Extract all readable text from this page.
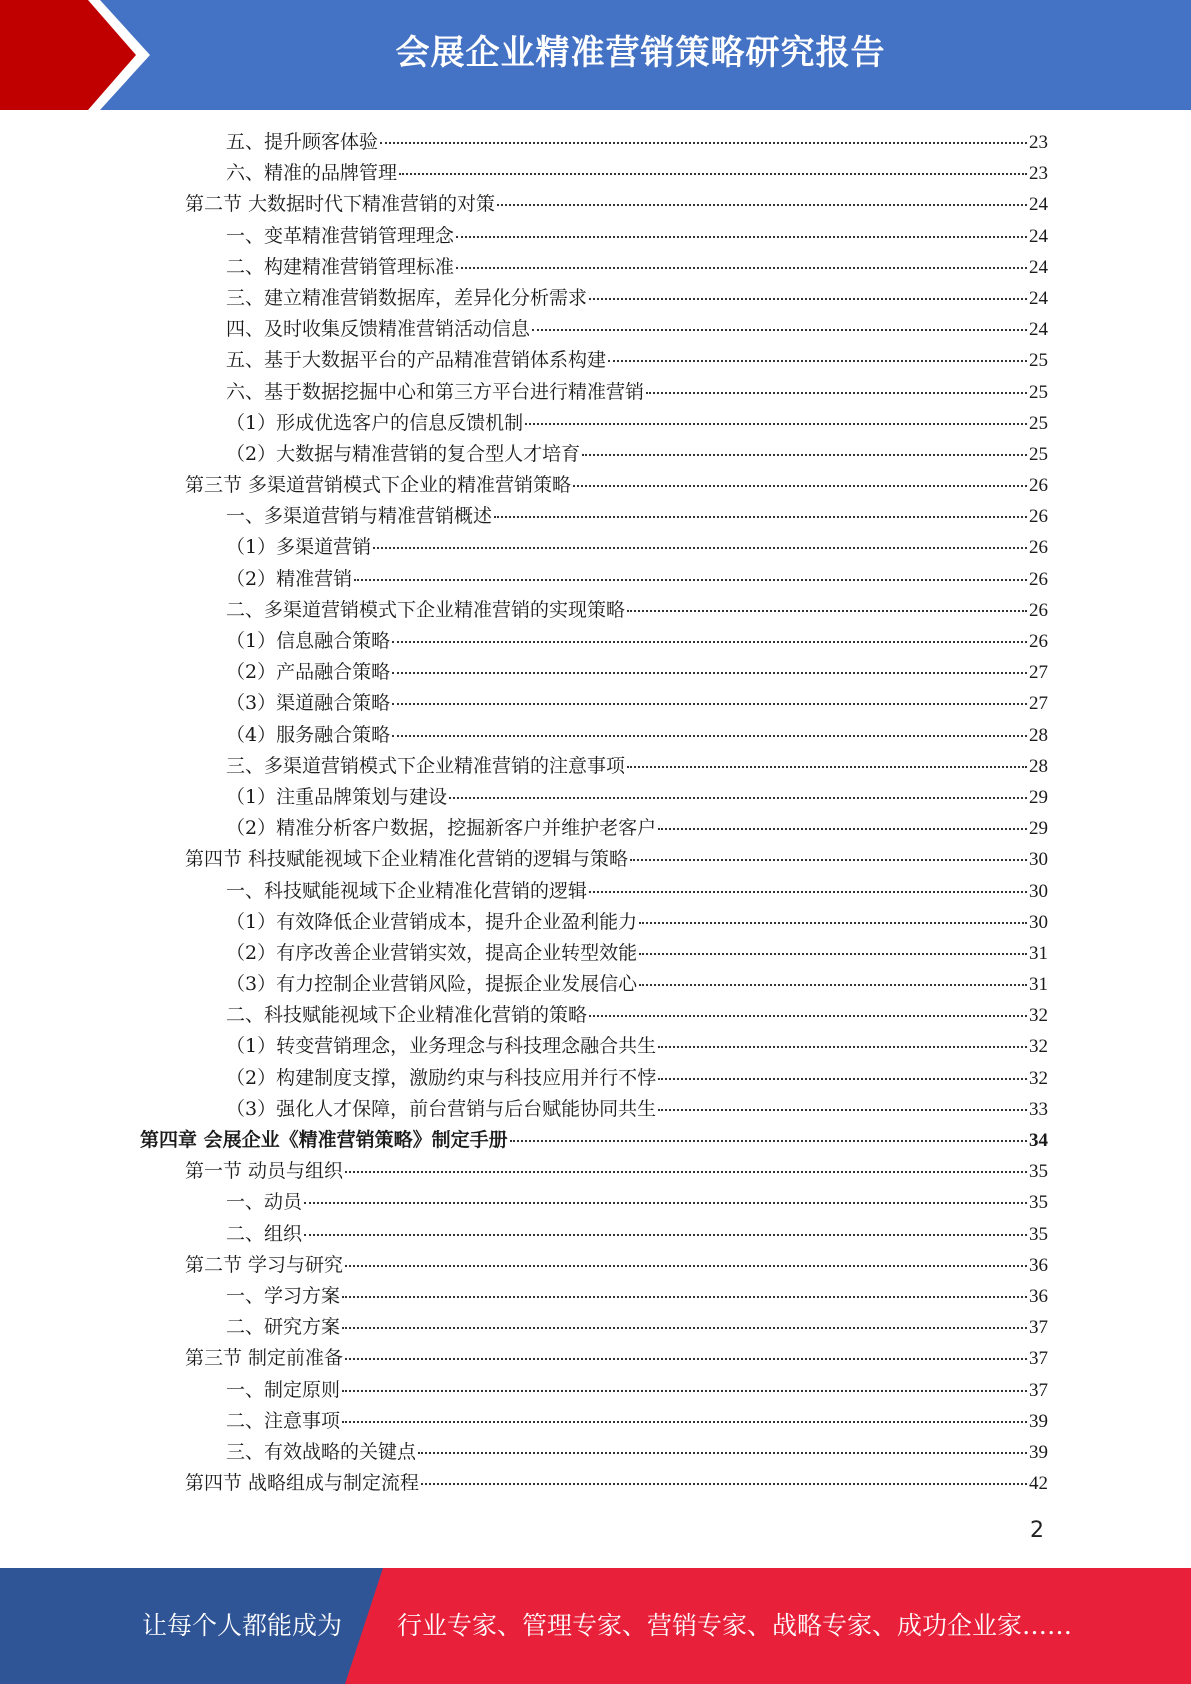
会展企业精准营销策略研究报告
五、提升顾客体验	23
六、精准的品牌管理	23
第二节 大数据时代下精准营销的对策	24
一、变革精准营销管理理念	24
二、构建精准营销管理标准	24
三、建立精准营销数据库，差异化分析需求	24
四、及时收集反馈精准营销活动信息	24
五、基于大数据平台的产品精准营销体系构建	25
六、基于数据挖掘中心和第三方平台进行精准营销	25
（1）形成优选客户的信息反馈机制	25
（2）大数据与精准营销的复合型人才培育	25
第三节 多渠道营销模式下企业的精准营销策略	26
一、多渠道营销与精准营销概述	26
（1）多渠道营销	26
（2）精准营销	26
二、多渠道营销模式下企业精准营销的实现策略	26
（1）信息融合策略	26
（2）产品融合策略	27
（3）渠道融合策略	27
（4）服务融合策略	28
三、多渠道营销模式下企业精准营销的注意事项	28
（1）注重品牌策划与建设	29
（2）精准分析客户数据，挖掘新客户并维护老客户	29
第四节 科技赋能视域下企业精准化营销的逻辑与策略	30
一、科技赋能视域下企业精准化营销的逻辑	30
（1）有效降低企业营销成本，提升企业盈利能力	30
（2）有序改善企业营销实效，提高企业转型效能	31
（3）有力控制企业营销风险，提振企业发展信心	31
二、科技赋能视域下企业精准化营销的策略	32
（1）转变营销理念，业务理念与科技理念融合共生	32
（2）构建制度支撑，激励约束与科技应用并行不悖	32
（3）强化人才保障，前台营销与后台赋能协同共生	33
第四章 会展企业《精准营销策略》制定手册	34
第一节 动员与组织	35
一、动员	35
二、组织	35
第二节 学习与研究	36
一、学习方案	36
二、研究方案	37
第三节 制定前准备	37
一、制定原则	37
二、注意事项	39
三、有效战略的关键点	39
第四节 战略组成与制定流程	42
2
让每个人都能成为 行业专家、管理专家、营销专家、战略专家、成功企业家……
